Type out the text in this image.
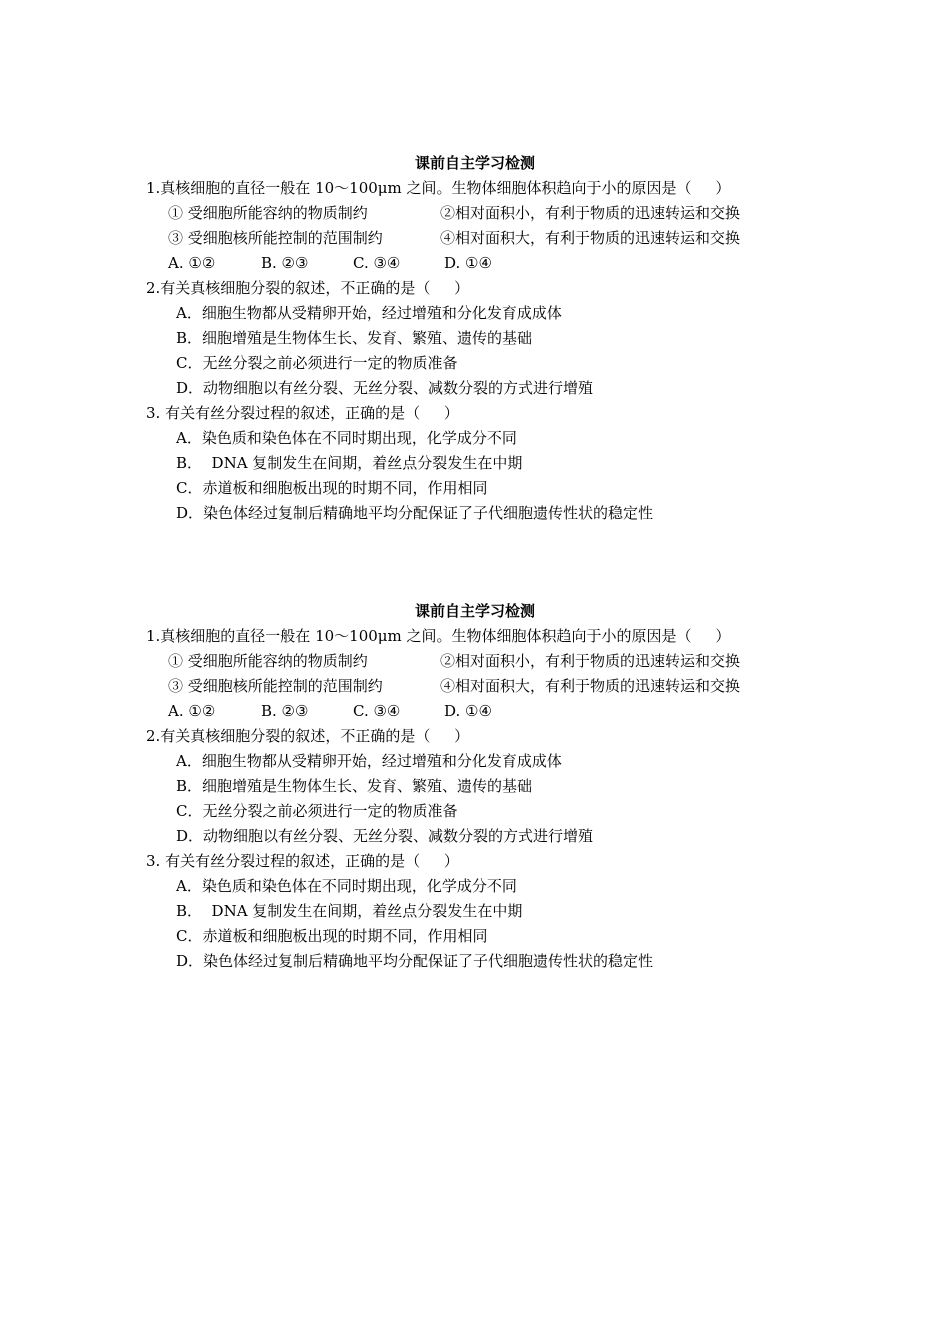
课前自主学习检测
1.真核细胞的直径一般在 10～100μm 之间。生物体细胞体积趋向于小的原因是（     ）
① 受细胞所能容纳的物质制约	②相对面积小，有利于物质的迅速转运和交换
③ 受细胞核所能控制的范围制约	④相对面积大，有利于物质的迅速转运和交换
A. ①②	B. ②③	C. ③④	D. ①④
2.有关真核细胞分裂的叙述，不正确的是（     ）
A．细胞生物都从受精卵开始，经过增殖和分化发育成成体
B．细胞增殖是生物体生长、发育、繁殖、遗传的基础
C．无丝分裂之前必须进行一定的物质准备
D．动物细胞以有丝分裂、无丝分裂、减数分裂的方式进行增殖
3. 有关有丝分裂过程的叙述，正确的是（     ）
A．染色质和染色体在不同时期出现，化学成分不同
B．  DNA 复制发生在间期，着丝点分裂发生在中期
C．赤道板和细胞板出现的时期不同，作用相同
D．染色体经过复制后精确地平均分配保证了子代细胞遗传性状的稳定性
课前自主学习检测
1.真核细胞的直径一般在 10～100μm 之间。生物体细胞体积趋向于小的原因是（     ）
① 受细胞所能容纳的物质制约	②相对面积小，有利于物质的迅速转运和交换
③ 受细胞核所能控制的范围制约	④相对面积大，有利于物质的迅速转运和交换
A. ①②	B. ②③	C. ③④	D. ①④
2.有关真核细胞分裂的叙述，不正确的是（     ）
A．细胞生物都从受精卵开始，经过增殖和分化发育成成体
B．细胞增殖是生物体生长、发育、繁殖、遗传的基础
C．无丝分裂之前必须进行一定的物质准备
D．动物细胞以有丝分裂、无丝分裂、减数分裂的方式进行增殖
3. 有关有丝分裂过程的叙述，正确的是（     ）
A．染色质和染色体在不同时期出现，化学成分不同
B．  DNA 复制发生在间期，着丝点分裂发生在中期
C．赤道板和细胞板出现的时期不同，作用相同
D．染色体经过复制后精确地平均分配保证了子代细胞遗传性状的稳定性
